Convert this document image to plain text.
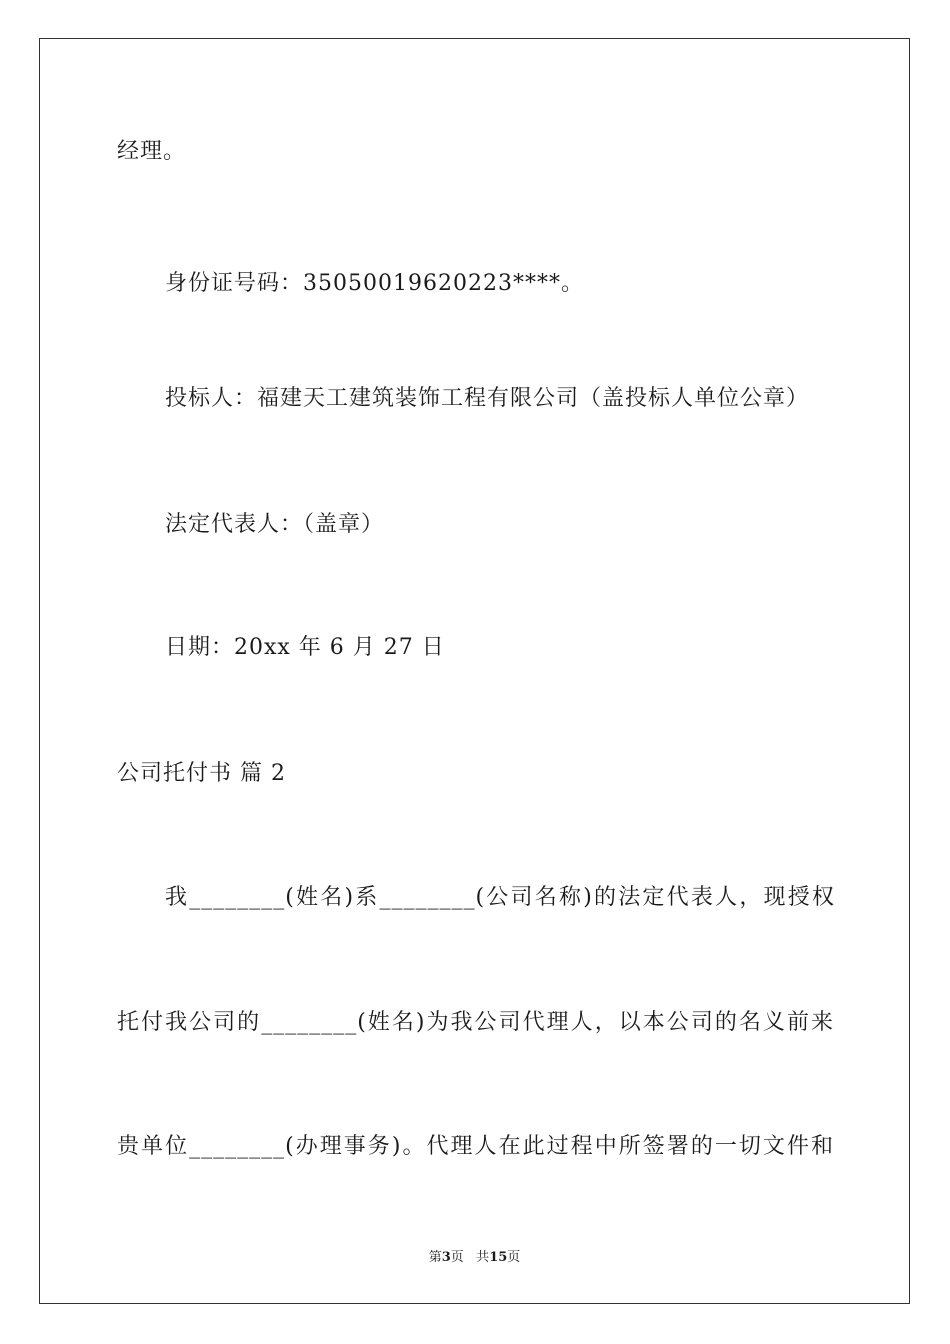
经理。
身份证号码：35050019620223****。
投标人：福建天工建筑装饰工程有限公司（盖投标人单位公章）
法定代表人：（盖章）
日期：20xx 年 6 月 27 日
公司托付书 篇 2
我________(姓名)系________(公司名称)的法定代表人，现授权
托付我公司的________(姓名)为我公司代理人，以本公司的名义前来
贵单位________(办理事务)。代理人在此过程中所签署的一切文件和
第3页 共15页
